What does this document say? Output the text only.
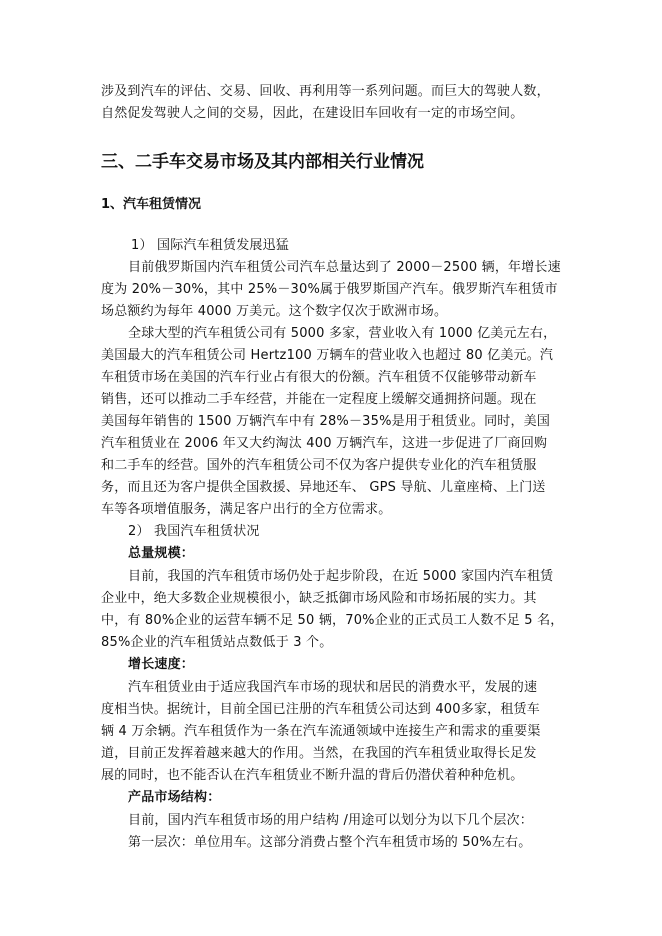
涉及到汽车的评估、交易、回收、再利用等一系列问题。而巨大的驾驶人数，
自然促发驾驶人之间的交易，因此，在建设旧车回收有一定的市场空间。
三、二手车交易市场及其内部相关行业情况
1、汽车租赁情况
1） 国际汽车租赁发展迅猛
目前俄罗斯国内汽车租赁公司汽车总量达到了 2000－2500 辆，年增长速
度为 20%－30%，其中 25%－30%属于俄罗斯国产汽车。俄罗斯汽车租赁市
场总额约为每年 4000 万美元。这个数字仅次于欧洲市场。
全球大型的汽车租赁公司有 5000 多家，营业收入有 1000 亿美元左右，
美国最大的汽车租赁公司 Hertz100 万辆车的营业收入也超过 80 亿美元。汽
车租赁市场在美国的汽车行业占有很大的份额。汽车租赁不仅能够带动新车
销售，还可以推动二手车经营，并能在一定程度上缓解交通拥挤问题。现在
美国每年销售的 1500 万辆汽车中有 28%－35%是用于租赁业。同时，美国
汽车租赁业在 2006 年又大约淘汰 400 万辆汽车，这进一步促进了厂商回购
和二手车的经营。国外的汽车租赁公司不仅为客户提供专业化的汽车租赁服
务，而且还为客户提供全国救援、异地还车、 GPS 导航、儿童座椅、上门送
车等各项增值服务，满足客户出行的全方位需求。
2） 我国汽车租赁状况
总量规模：
目前，我国的汽车租赁市场仍处于起步阶段，在近 5000 家国内汽车租赁
企业中，绝大多数企业规模很小，缺乏抵御市场风险和市场拓展的实力。其
中，有 80%企业的运营车辆不足 50 辆，70%企业的正式员工人数不足 5 名，
85%企业的汽车租赁站点数低于 3 个。
增长速度：
汽车租赁业由于适应我国汽车市场的现状和居民的消费水平，发展的速
度相当快。据统计，目前全国已注册的汽车租赁公司达到 400多家，租赁车
辆 4 万余辆。汽车租赁作为一条在汽车流通领域中连接生产和需求的重要渠
道，目前正发挥着越来越大的作用。当然，在我国的汽车租赁业取得长足发
展的同时，也不能否认在汽车租赁业不断升温的背后仍潜伏着种种危机。
产品市场结构：
目前，国内汽车租赁市场的用户结构 /用途可以划分为以下几个层次：
第一层次：单位用车。这部分消费占整个汽车租赁市场的 50%左右。
